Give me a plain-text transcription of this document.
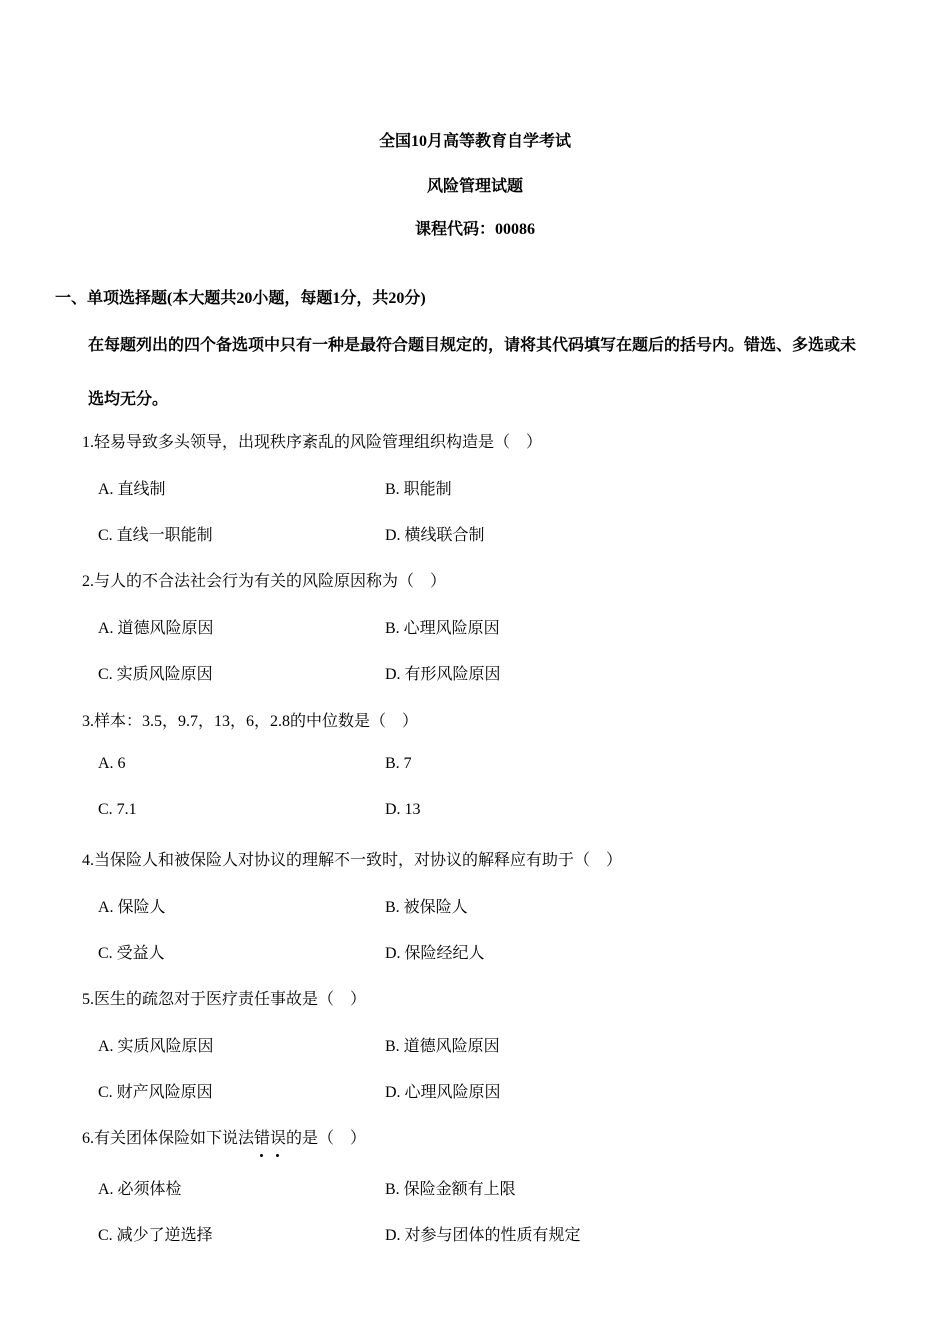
全国10月高等教育自学考试
风险管理试题
课程代码：00086
一、单项选择题(本大题共20小题，每题1分，共20分)
在每题列出的四个备选项中只有一种是最符合题目规定的，请将其代码填写在题后的括号内。错选、多选或未
选均无分。
1.轻易导致多头领导，出现秩序紊乱的风险管理组织构造是（　）
A. 直线制	B. 职能制
C. 直线一职能制	D. 横线联合制
2.与人的不合法社会行为有关的风险原因称为（　）
A. 道德风险原因	B. 心理风险原因
C. 实质风险原因	D. 有形风险原因
3.样本：3.5，9.7，13，6，2.8的中位数是（　）
A. 6	B. 7
C. 7.1	D. 13
4.当保险人和被保险人对协议的理解不一致时，对协议的解释应有助于（　）
A. 保险人	B. 被保险人
C. 受益人	D. 保险经纪人
5.医生的疏忽对于医疗责任事故是（　）
A. 实质风险原因	B. 道德风险原因
C. 财产风险原因	D. 心理风险原因
6.有关团体保险如下说法错误
的是（　）
A. 必须体检	B. 保险金额有上限
C. 减少了逆选择	D. 对参与团体的性质有规定
